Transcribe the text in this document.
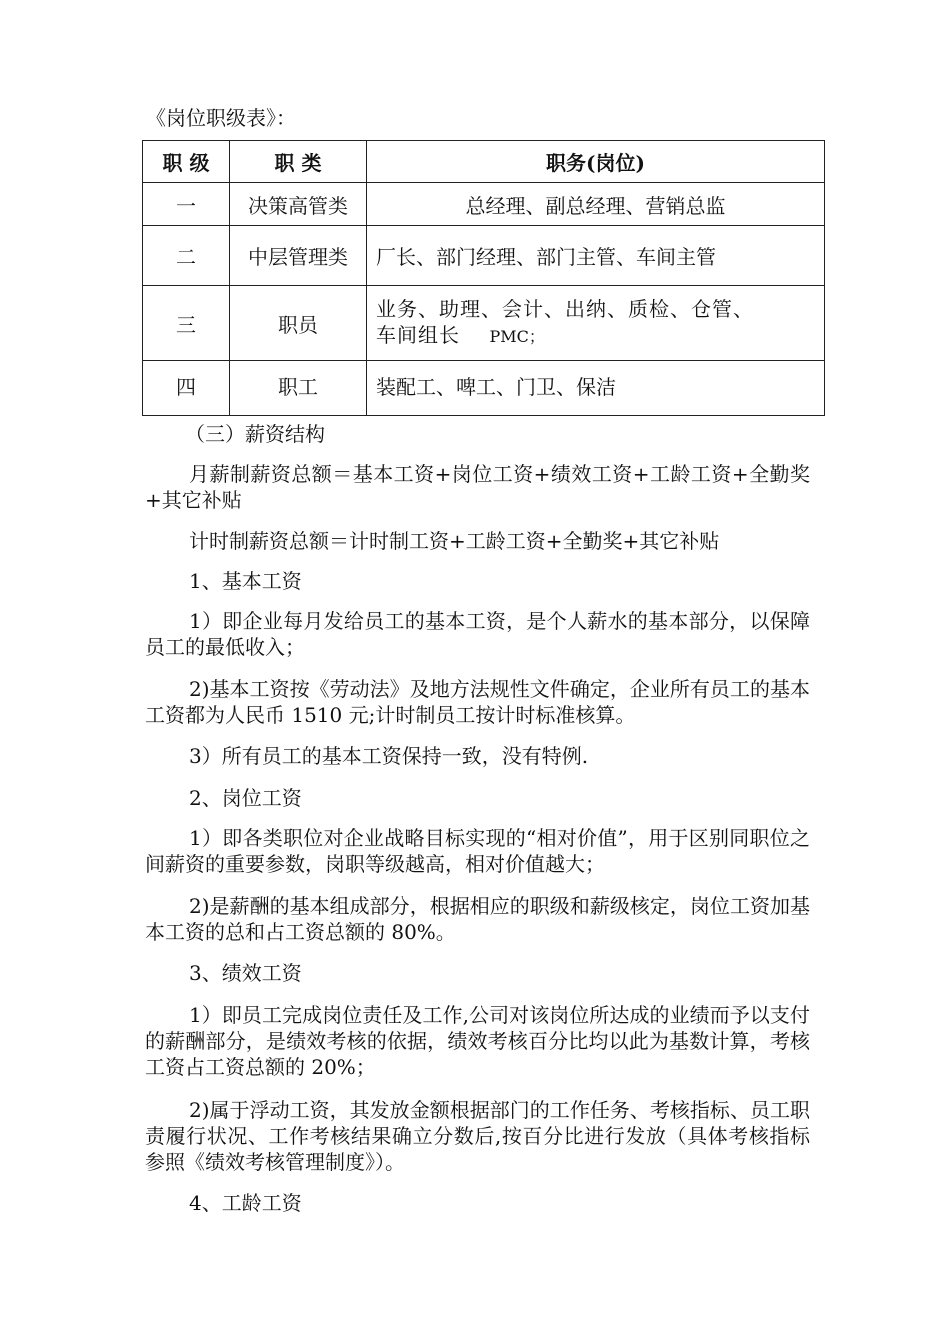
《岗位职级表》：
职 级	职 类	职务(岗位)
一	决策高管类	总经理、副总经理、营销总监
二	中层管理类	厂长、部门经理、部门主管、车间主管
三	职员	业务、助理、会计、出纳、质检、仓管、
车间组长 PMC；

四	职工	装配工、啤工、门卫、保洁

（三）薪资结构

月薪制薪资总额＝基本工资+岗位工资+绩效工资+工龄工资+全勤奖+其它补贴

计时制薪资总额＝计时制工资+工龄工资+全勤奖+其它补贴

1、基本工资

1）即企业每月发给员工的基本工资，是个人薪水的基本部分，以保障员工的最低收入；

2)基本工资按《劳动法》及地方法规性文件确定，企业所有员工的基本工资都为人民币 1510 元;计时制员工按计时标准核算。

3）所有员工的基本工资保持一致，没有特例.

2、岗位工资

1）即各类职位对企业战略目标实现的“相对价值”，用于区别同职位之间薪资的重要参数，岗职等级越高，相对价值越大；

2)是薪酬的基本组成部分，根据相应的职级和薪级核定，岗位工资加基本工资的总和占工资总额的 80%。

3、绩效工资

1）即员工完成岗位责任及工作,公司对该岗位所达成的业绩而予以支付的薪酬部分，是绩效考核的依据，绩效考核百分比均以此为基数计算，考核工资占工资总额的 20%；

2)属于浮动工资，其发放金额根据部门的工作任务、考核指标、员工职责履行状况、工作考核结果确立分数后,按百分比进行发放（具体考核指标参照《绩效考核管理制度》）。

4、工龄工资
